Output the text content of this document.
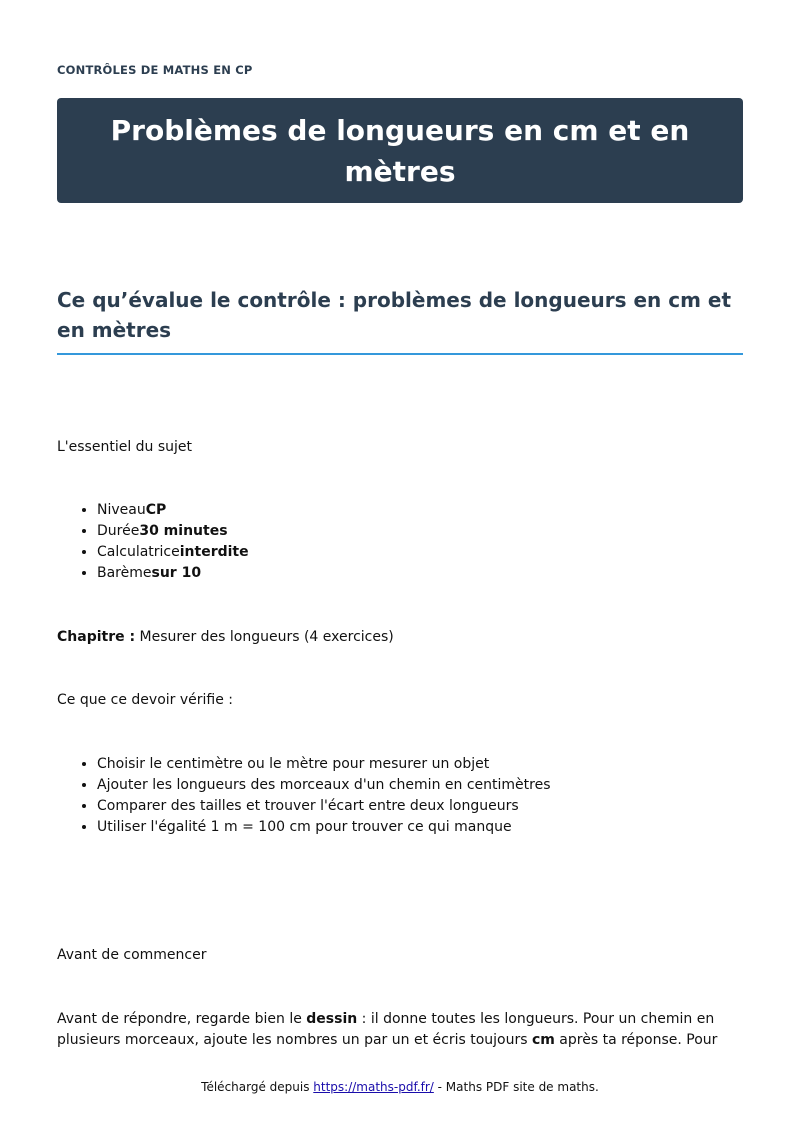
CONTRÔLES DE MATHS EN CP
Problèmes de longueurs en cm et en mètres
Ce qu’évalue le contrôle : problèmes de longueurs en cm et en mètres

L'essentiel du sujet

• NiveauCP
• Durée30 minutes
• Calculatriceinterdite
• Barèmesur 10

Chapitre : Mesurer des longueurs (4 exercices)

Ce que ce devoir vérifie :

• Choisir le centimètre ou le mètre pour mesurer un objet
• Ajouter les longueurs des morceaux d'un chemin en centimètres
• Comparer des tailles et trouver l'écart entre deux longueurs
• Utiliser l'égalité 1 m = 100 cm pour trouver ce qui manque

Avant de commencer

Avant de répondre, regarde bien le dessin : il donne toutes les longueurs. Pour un chemin en plusieurs morceaux, ajoute les nombres un par un et écris toujours cm après ta réponse. Pour

Téléchargé depuis https://maths-pdf.fr/ - Maths PDF site de maths.
